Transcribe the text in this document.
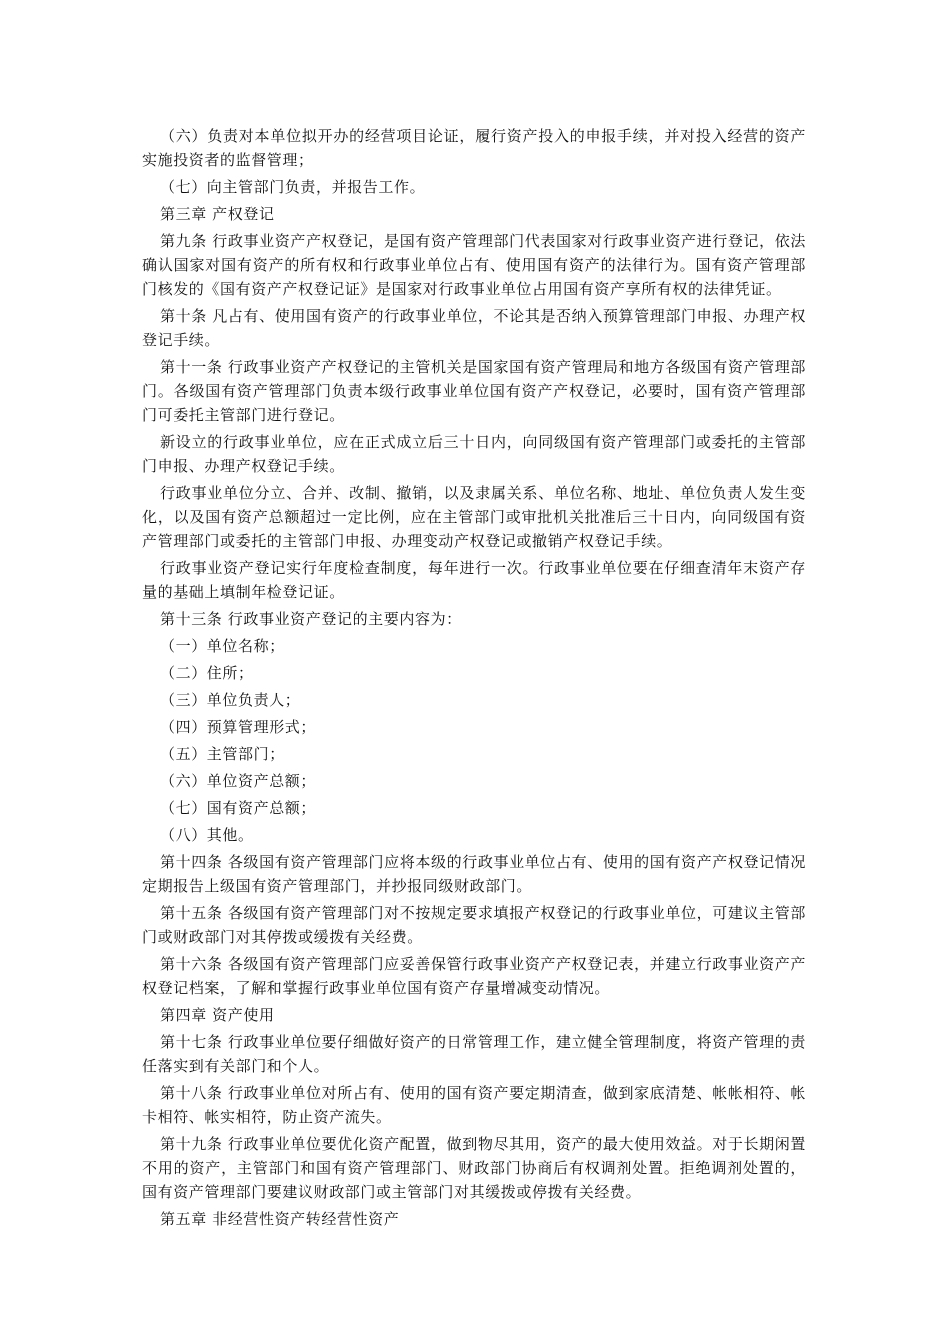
（六）负责对本单位拟开办的经营项目论证，履行资产投入的申报手续，并对投入经营的资产实施投资者的监督管理；

（七）向主管部门负责，并报告工作。

第三章 产权登记

第九条 行政事业资产产权登记，是国有资产管理部门代表国家对行政事业资产进行登记，依法确认国家对国有资产的所有权和行政事业单位占有、使用国有资产的法律行为。国有资产管理部门核发的《国有资产产权登记证》是国家对行政事业单位占用国有资产享所有权的法律凭证。

第十条 凡占有、使用国有资产的行政事业单位，不论其是否纳入预算管理部门申报、办理产权登记手续。

第十一条 行政事业资产产权登记的主管机关是国家国有资产管理局和地方各级国有资产管理部门。各级国有资产管理部门负责本级行政事业单位国有资产产权登记，必要时，国有资产管理部门可委托主管部门进行登记。

新设立的行政事业单位，应在正式成立后三十日内，向同级国有资产管理部门或委托的主管部门申报、办理产权登记手续。

行政事业单位分立、合并、改制、撤销，以及隶属关系、单位名称、地址、单位负责人发生变化，以及国有资产总额超过一定比例，应在主管部门或审批机关批准后三十日内，向同级国有资产管理部门或委托的主管部门申报、办理变动产权登记或撤销产权登记手续。

行政事业资产登记实行年度检查制度，每年进行一次。行政事业单位要在仔细查清年末资产存量的基础上填制年检登记证。

第十三条 行政事业资产登记的主要内容为：

（一）单位名称；

（二）住所；

（三）单位负责人；

（四）预算管理形式；

（五）主管部门；

（六）单位资产总额；

（七）国有资产总额；

（八）其他。

第十四条 各级国有资产管理部门应将本级的行政事业单位占有、使用的国有资产产权登记情况定期报告上级国有资产管理部门，并抄报同级财政部门。

第十五条 各级国有资产管理部门对不按规定要求填报产权登记的行政事业单位，可建议主管部门或财政部门对其停拨或缓拨有关经费。

第十六条 各级国有资产管理部门应妥善保管行政事业资产产权登记表，并建立行政事业资产产权登记档案，了解和掌握行政事业单位国有资产存量增减变动情况。

第四章 资产使用

第十七条 行政事业单位要仔细做好资产的日常管理工作，建立健全管理制度，将资产管理的责任落实到有关部门和个人。

第十八条 行政事业单位对所占有、使用的国有资产要定期清查，做到家底清楚、帐帐相符、帐卡相符、帐实相符，防止资产流失。

第十九条 行政事业单位要优化资产配置，做到物尽其用，资产的最大使用效益。对于长期闲置不用的资产，主管部门和国有资产管理部门、财政部门协商后有权调剂处置。拒绝调剂处置的，国有资产管理部门要建议财政部门或主管部门对其缓拨或停拨有关经费。

第五章 非经营性资产转经营性资产
